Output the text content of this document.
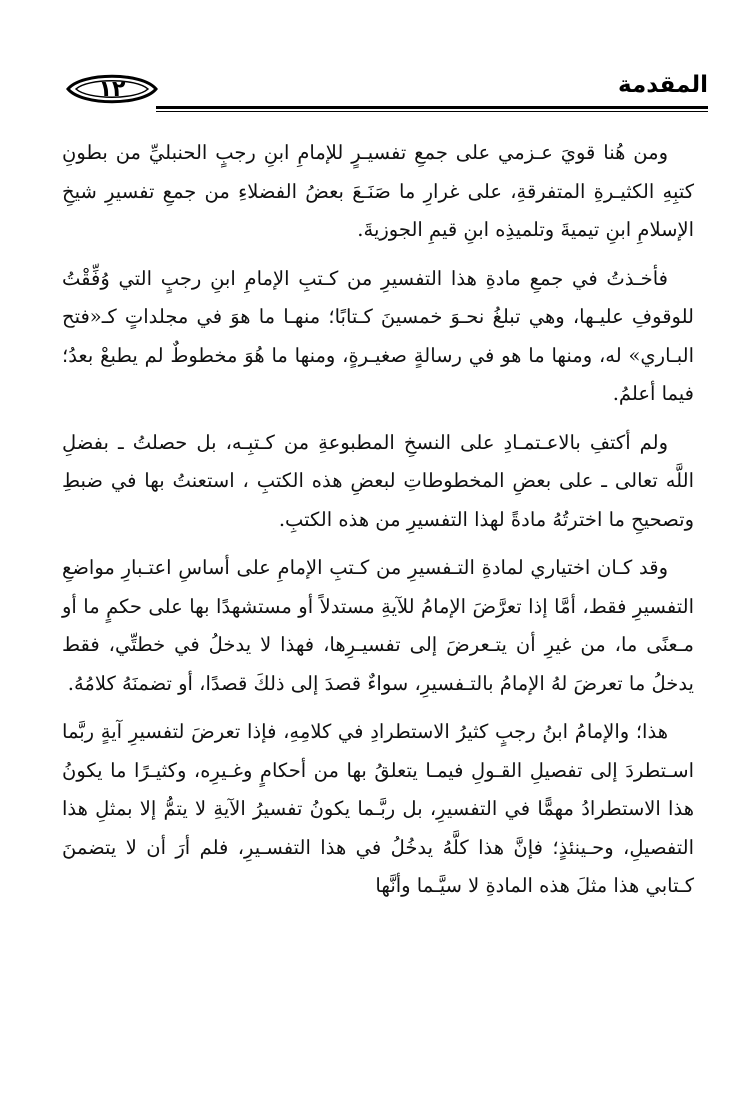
١٢	المقدمة

ومن هُنا قويَ عـزمي على جمعِ تفسيـرٍ للإمامِ ابنِ رجبٍ الحنبليِّ من بطونِ كتبِهِ الكثيـرةِ المتفرقةِ، على غرارِ ما صَنَـعَ بعضُ الفضلاءِ من جمعِ تفسيرِ شيخِ الإسلامِ ابنِ تيميةَ وتلميذِه ابنِ قيمِ الجوزيةَ.

فأخـذتُ في جمعِ مادةِ هذا التفسيرِ من كـتبِ الإمامِ ابنِ رجبٍ التي وُفِّقْتُ للوقوفِ عليـها، وهي تبلغُ نحـوَ خمسينَ كـتابًا؛ منهـا ما هوَ في مجلداتٍ كـ«فتح البـاري» له، ومنها ما هو في رسالةٍ صغيـرةٍ، ومنها ما هُوَ مخطوطٌ لم يطبعْ بعدُ؛ فيما أعلمُ.

ولم أكتفِ بالاعـتمـادِ على النسخِ المطبوعةِ من كـتبِـه، بل حصلتُ ـ بفضلِ اللَّه تعالى ـ على بعضِ المخطوطاتِ لبعضِ هذه الكتبِ ، استعنتُ بها في ضبطِ وتصحيحِ ما اخترتُهُ مادةً لهذا التفسيرِ من هذه الكتبِ.

وقد كـان اختياري لمادةِ التـفسيرِ من كـتبِ الإمامِ على أساسِ اعتـبارِ مواضعِ التفسيرِ فقط، أمَّا إذا تعرَّضَ الإمامُ للآيةِ مستدلاً أو مستشهدًا بها على حكمٍ ما أو مـعنًى ما، من غيرِ أن يتـعرضَ إلى تفسيـرِها، فهذا لا يدخلُ في خطتِّي، فقط يدخلُ ما تعرضَ لهُ الإمامُ بالتـفسيرِ، سواءٌ قصدَ إلى ذلكَ قصدًا، أو تضمنَهُ كلامُهُ.

هذا؛ والإمامُ ابنُ رجبٍ كثيرُ الاستطرادِ في كلامِهِ، فإذا تعرضَ لتفسيرِ آيةٍ ربَّما اسـتطردَ إلى تفصيلِ القـولِ فيمـا يتعلقُ بها من أحكامٍ وغـيرِه، وكثيـرًا ما يكونُ هذا الاستطرادُ مهمًّا في التفسيرِ، بل ربَّـما يكونُ تفسيرُ الآيةِ لا يتمُّ إلا بمثلِ هذا التفصيلِ، وحـينئذٍ؛ فإنَّ هذا كلَّهُ يدخُلُ في هذا التفسـيرِ، فلم أرَ أن لا يتضمنَ كـتابي هذا مثلَ هذه المادةِ لا سيَّـما وأنَّها
